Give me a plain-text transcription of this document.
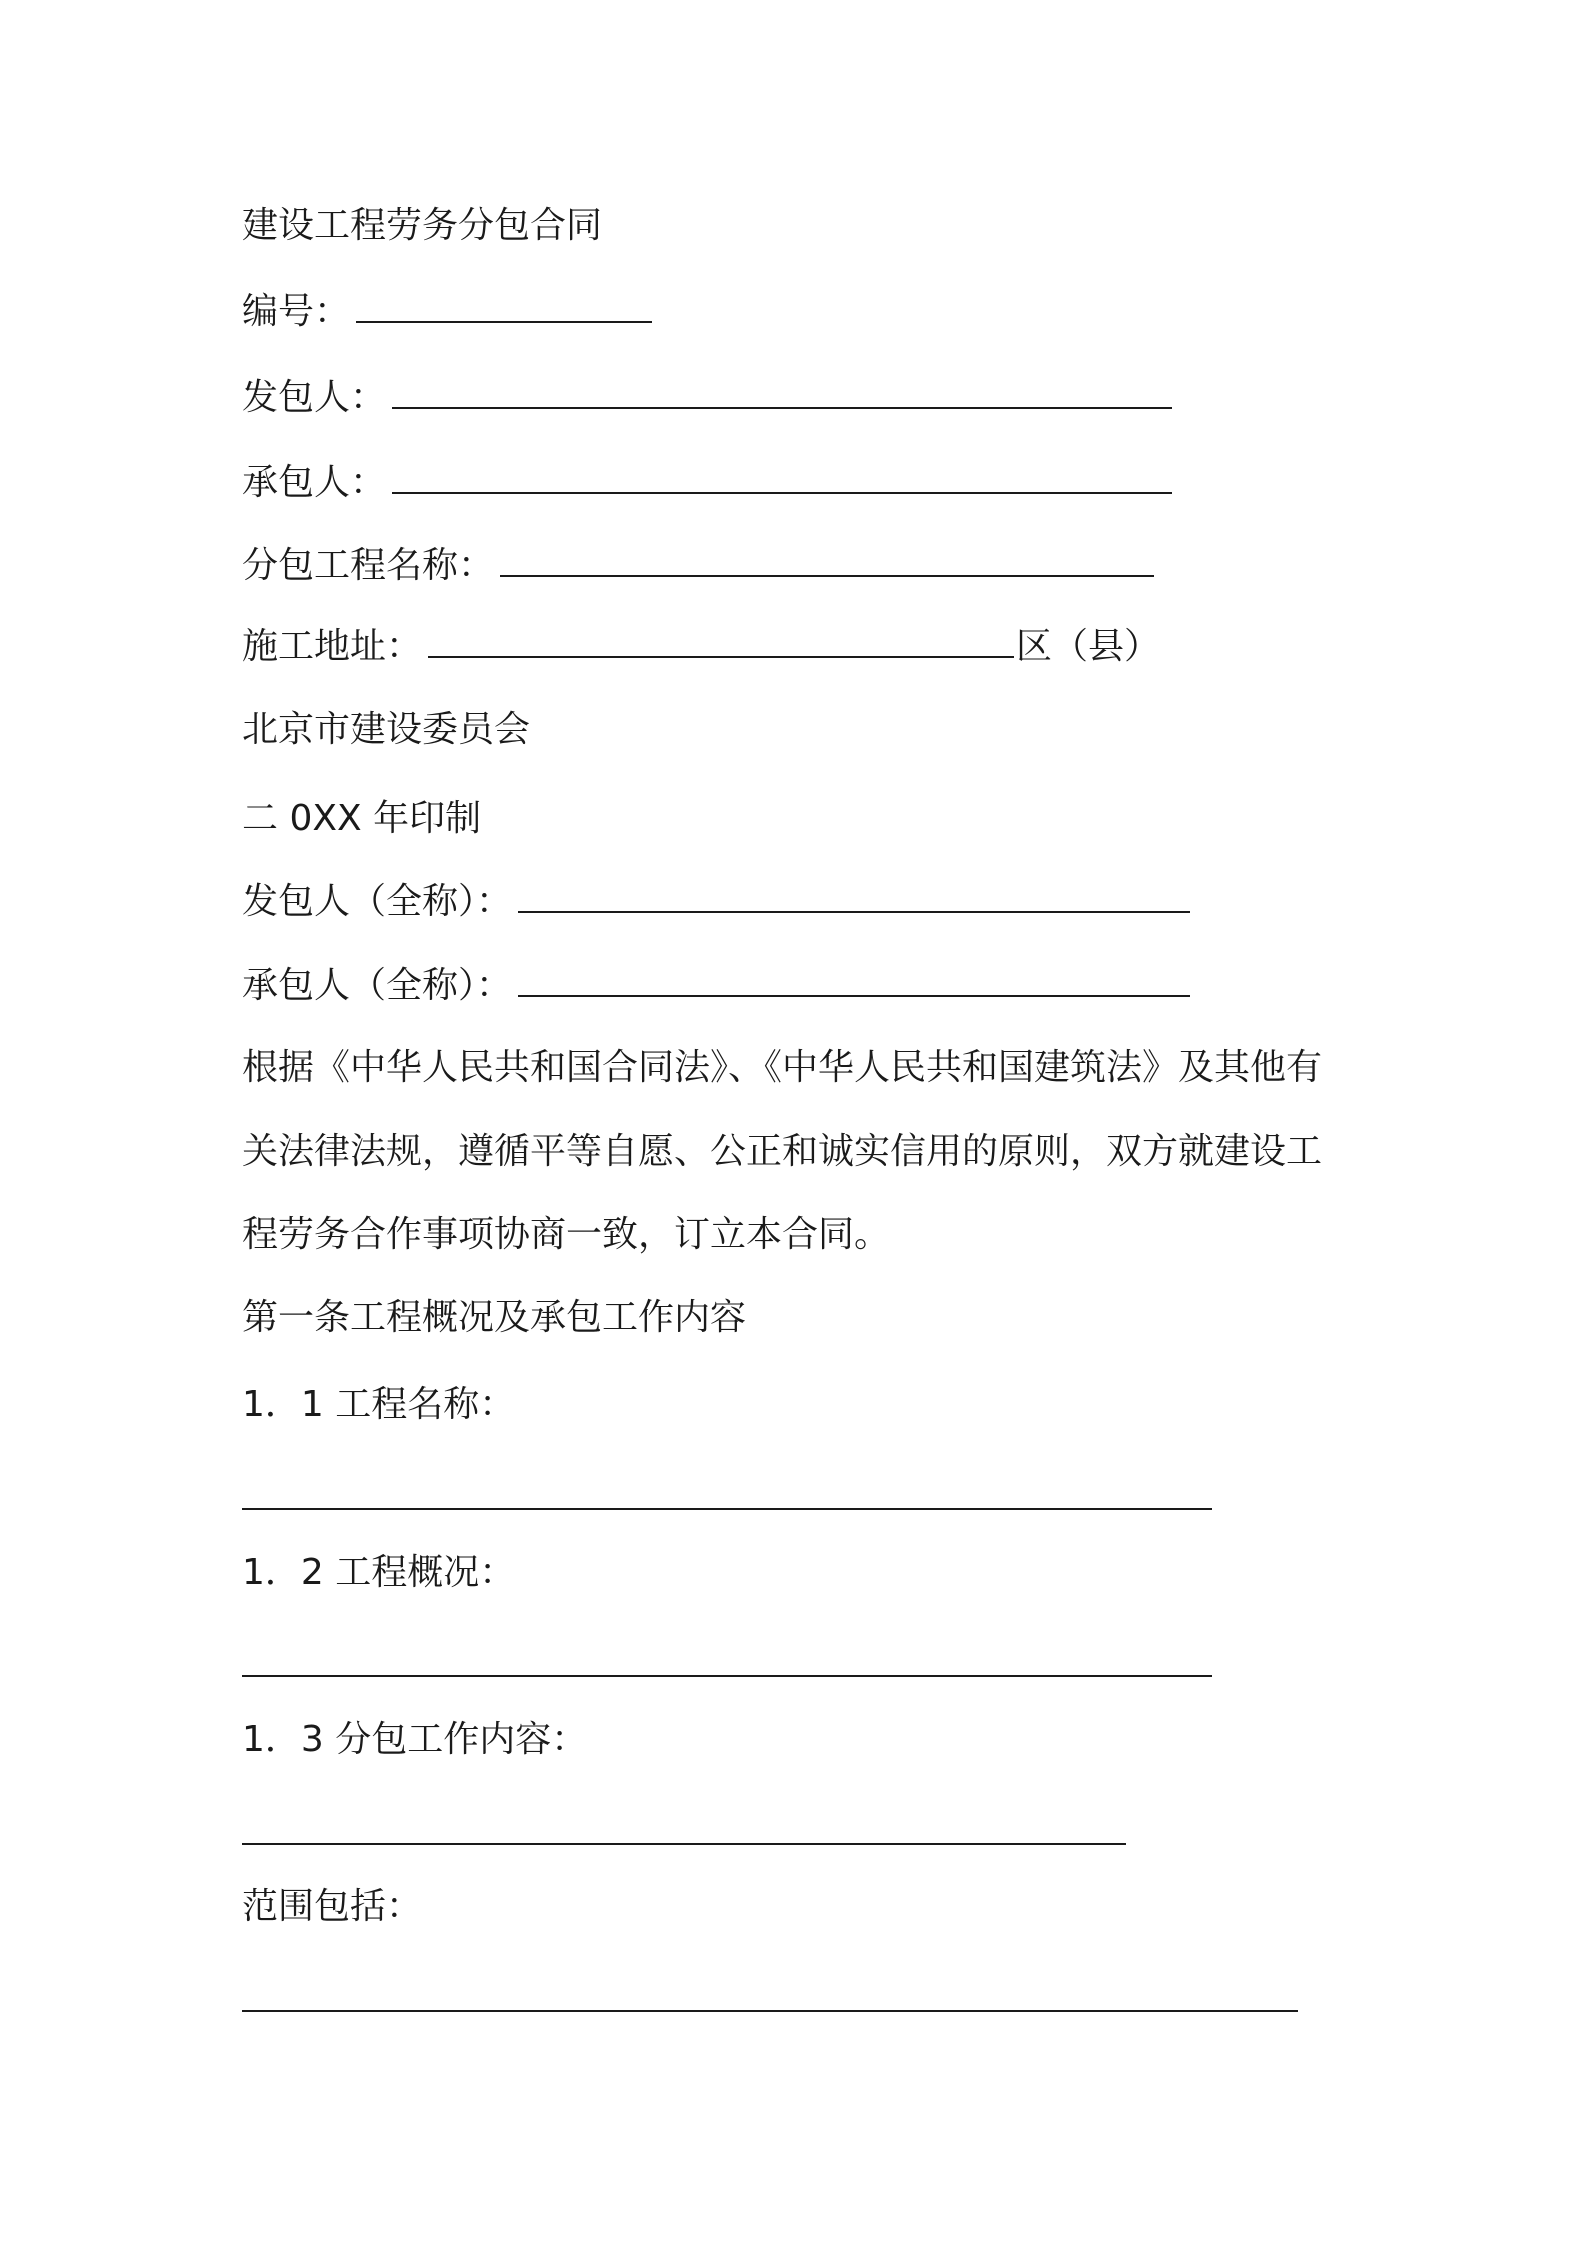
建设工程劳务分包合同
编号：
发包人：
承包人：
分包工程名称：
施工地址：	区（县）
北京市建设委员会
二 0XX 年印制
发包人（全称）：
承包人（全称）：
根据《中华人民共和国合同法》、《中华人民共和国建筑法》及其他有
关法律法规，遵循平等自愿、公正和诚实信用的原则，双方就建设工
程劳务合作事项协商一致，订立本合同。
第一条工程概况及承包工作内容
1．1 工程名称：
1．2 工程概况：
1．3 分包工作内容：
范围包括：
